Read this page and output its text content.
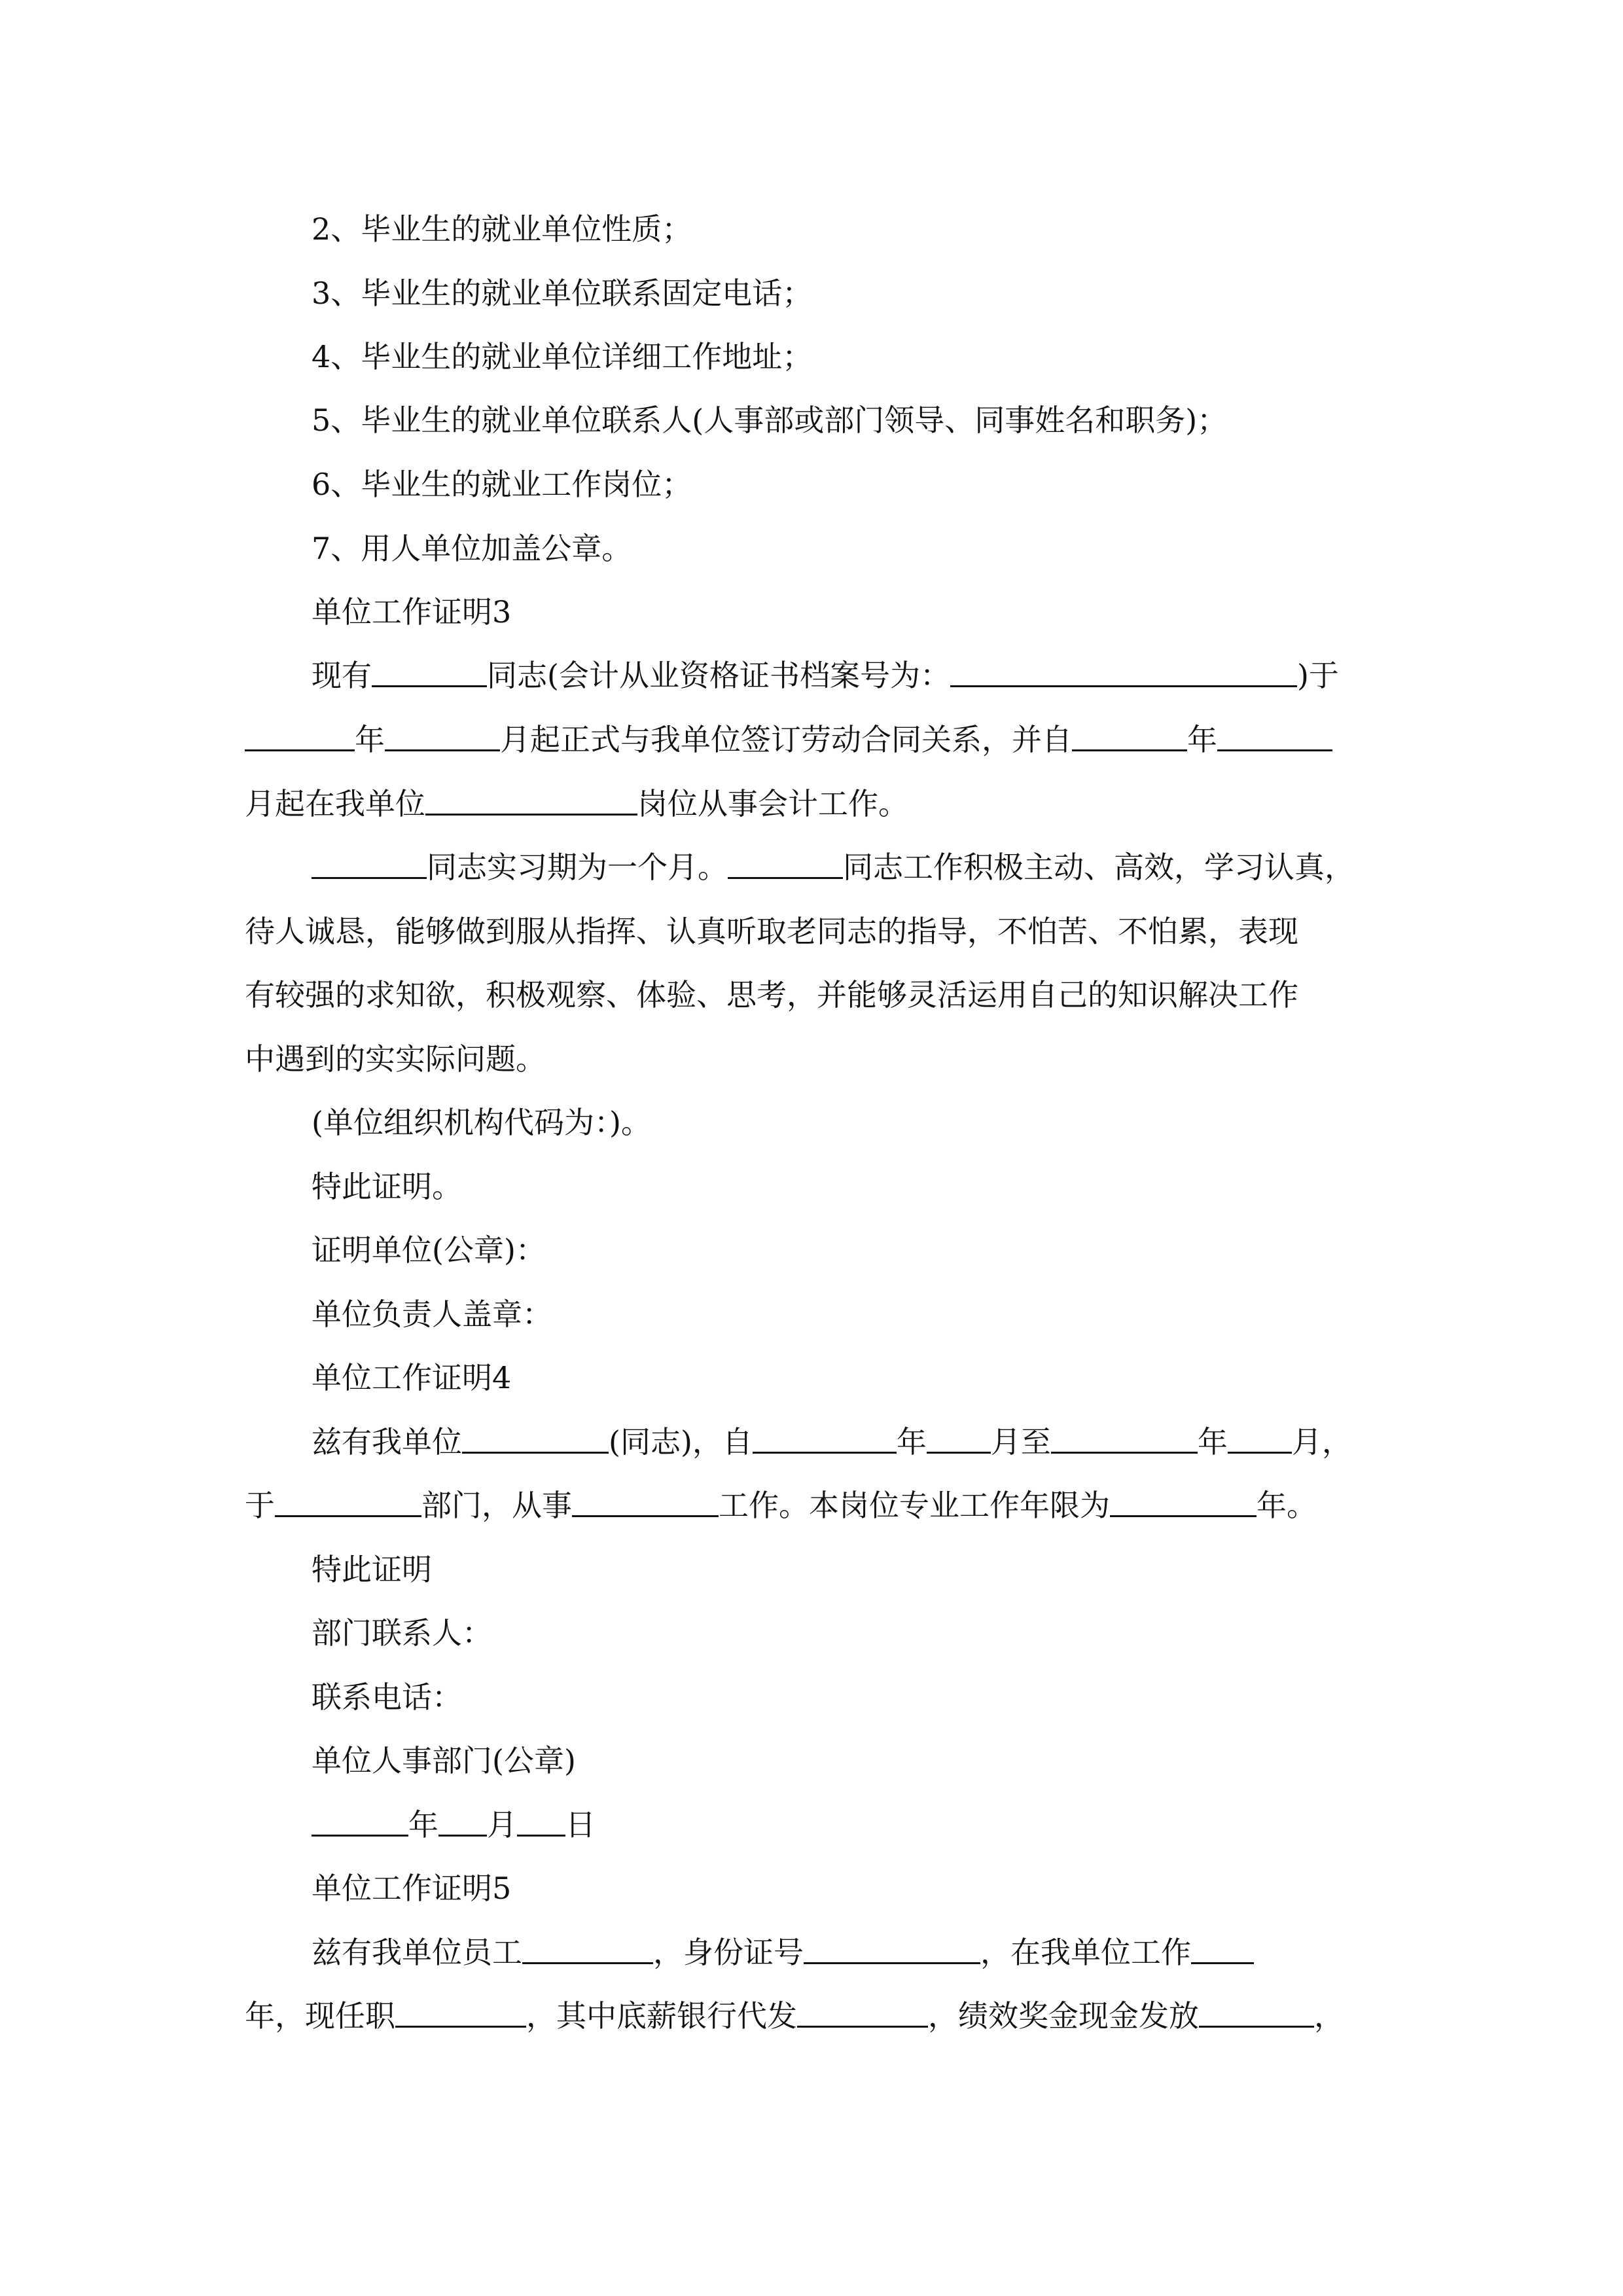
2、毕业生的就业单位性质；
3、毕业生的就业单位联系固定电话；
4、毕业生的就业单位详细工作地址；
5、毕业生的就业单位联系人(人事部或部门领导、同事姓名和职务)；
6、毕业生的就业工作岗位；
7、用人单位加盖公章。
单位工作证明3
现有	同志(会计从业资格证书档案号为：	)于
年	月起正式与我单位签订劳动合同关系，并自	年
月起在我单位	岗位从事会计工作。
同志实习期为一个月。	同志工作积极主动、高效，学习认真，
待人诚恳，能够做到服从指挥、认真听取老同志的指导，不怕苦、不怕累，表现
有较强的求知欲，积极观察、体验、思考，并能够灵活运用自己的知识解决工作
中遇到的实实际问题。
(单位组织机构代码为：)。
特此证明。
证明单位(公章)：
单位负责人盖章：
单位工作证明4
兹有我单位	(同志)，自	年 月至	年 月，
于	部门，从事	工作。本岗位专业工作年限为	年。
特此证明
部门联系人：
联系电话：
单位人事部门(公章)
年 月 日
单位工作证明5
兹有我单位员工	，身份证号	，在我单位工作
年，现任职	，其中底薪银行代发	，绩效奖金现金发放	，
